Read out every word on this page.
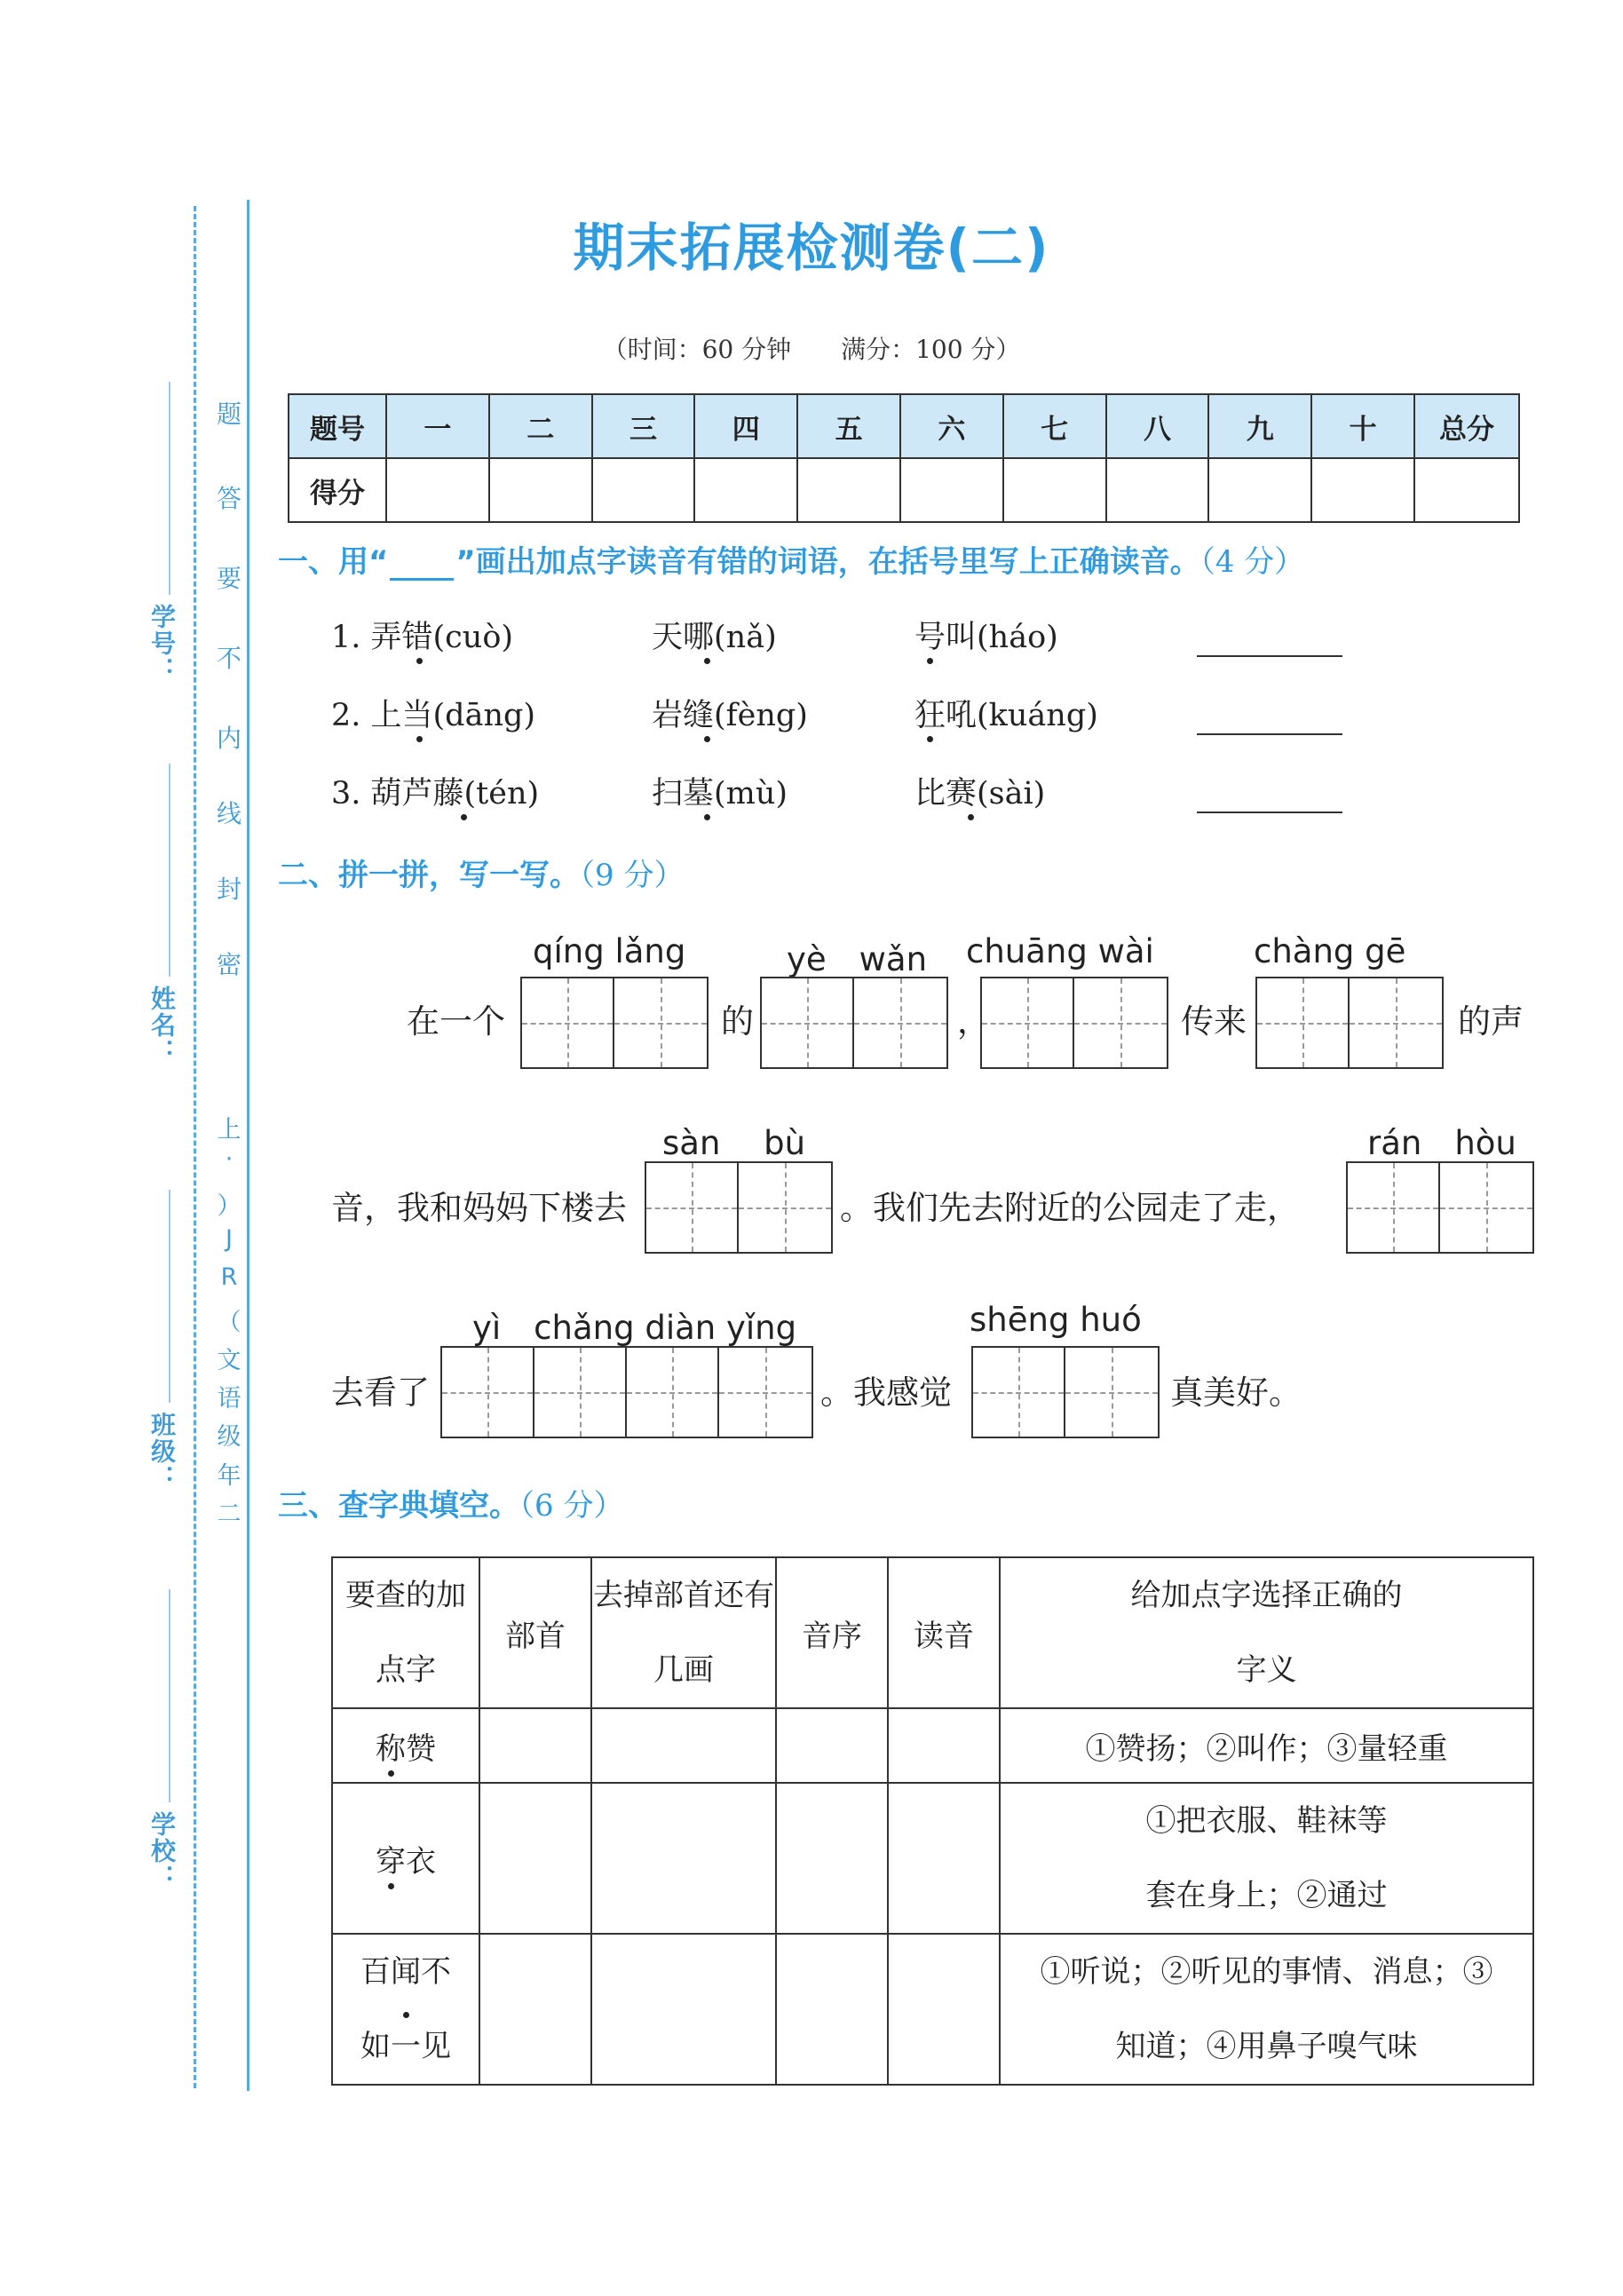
学号：
姓名：
班级：
学校：
题
答
要
不
内
线
封
密
上
·
）
J
R
（
文
语
级
年
二
期末拓展检测卷(二)
（时间：60 分钟　　满分：100 分）
题号	一	二	三	四	五	六	七	八	九	十	总分
得分											
一、用“ ”画出加点字读音有错的词语，在括号里写上正确读音。（4 分）
1. 弄错(cuò)	天哪(nǎ)	号叫(háo)
2. 上当(dāng)	岩缝(fèng)	狂吼(kuáng)
3. 葫芦藤(tén)	扫墓(mù)	比赛(sài)
二、拼一拼，写一写。（9 分）
qíng lǎng	yè　wǎn chuāng wài	chàng gē
在一个	的	，	传来	的声
sàn　 bù	rán　hòu
音，我和妈妈下楼去	。我们先去附近的公园走了走，
yì　chǎng diàn yǐng	shēng huó
去看了	。我感觉	真美好。
三、查字典填空。（6 分）
要查的加点字	部首	去掉部首还有几画	音序	读音	给加点字选择正确的字义
称赞					①赞扬；②叫作；③量轻重
穿衣					①把衣服、鞋袜等套在身上；②通过
百闻不如一见					①听说；②听见的事情、消息；③知道；④用鼻子嗅气味
